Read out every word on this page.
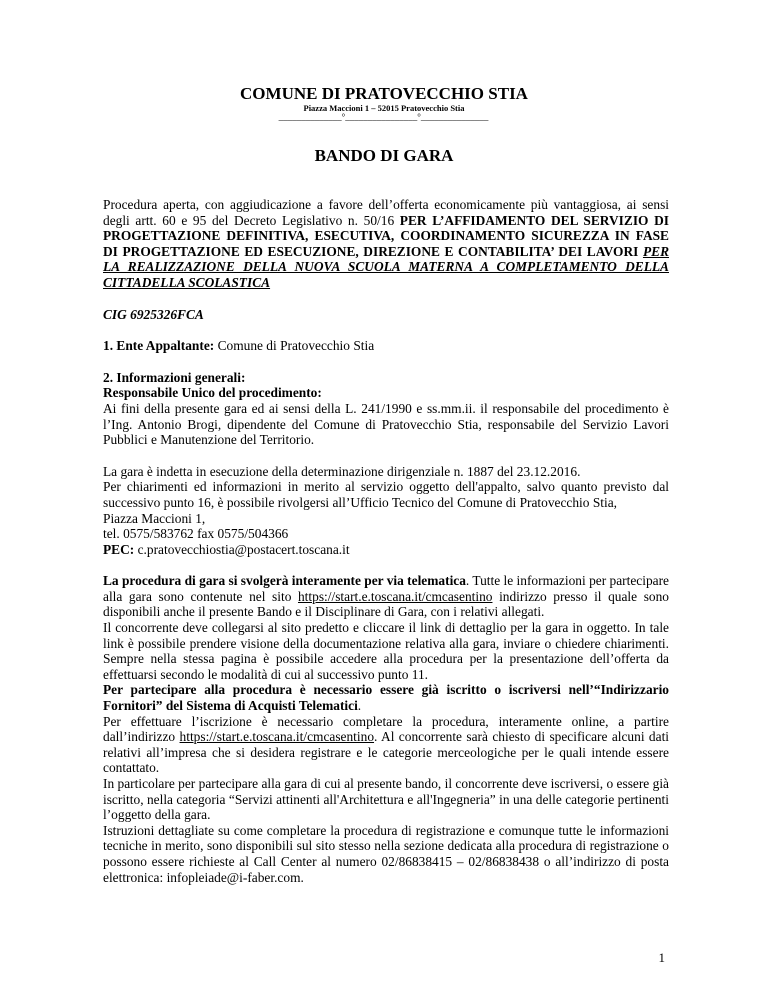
COMUNE DI PRATOVECCHIO STIA
Piazza Maccioni 1 – 52015 Pratovecchio Stia
______________°________________°_______________
BANDO DI GARA

Procedura aperta, con aggiudicazione a favore dell’offerta economicamente più vantaggiosa, ai sensi degli artt. 60 e 95 del Decreto Legislativo n. 50/16 PER L’AFFIDAMENTO DEL SERVIZIO DI PROGETTAZIONE DEFINITIVA, ESECUTIVA, COORDINAMENTO SICUREZZA IN FASE DI PROGETTAZIONE ED ESECUZIONE, DIREZIONE E CONTABILITA’ DEI LAVORI PER LA REALIZZAZIONE DELLA NUOVA SCUOLA MATERNA A COMPLETAMENTO DELLA CITTADELLA SCOLASTICA

CIG 6925326FCA

1. Ente Appaltante: Comune di Pratovecchio Stia

2. Informazioni generali:

Responsabile Unico del procedimento:

Ai fini della presente gara ed ai sensi della L. 241/1990 e ss.mm.ii. il responsabile del procedimento è l’Ing. Antonio Brogi, dipendente del Comune di Pratovecchio Stia, responsabile del Servizio Lavori Pubblici e Manutenzione del Territorio.

La gara è indetta in esecuzione della determinazione dirigenziale n. 1887 del 23.12.2016.

Per chiarimenti ed informazioni in merito al servizio oggetto dell'appalto, salvo quanto previsto dal successivo punto 16, è possibile rivolgersi all’Ufficio Tecnico del Comune di Pratovecchio Stia,

Piazza Maccioni 1,

tel. 0575/583762 fax 0575/504366

PEC: c.pratovecchiostia@postacert.toscana.it

La procedura di gara si svolgerà interamente per via telematica. Tutte le informazioni per partecipare alla gara sono contenute nel sito https://start.e.toscana.it/cmcasentino indirizzo presso il quale sono disponibili anche il presente Bando e il Disciplinare di Gara, con i relativi allegati.

Il concorrente deve collegarsi al sito predetto e cliccare il link di dettaglio per la gara in oggetto. In tale link è possibile prendere visione della documentazione relativa alla gara, inviare o chiedere chiarimenti. Sempre nella stessa pagina è possibile accedere alla procedura per la presentazione dell’offerta da effettuarsi secondo le modalità di cui al successivo punto 11.

Per partecipare alla procedura è necessario essere già iscritto o iscriversi nell’“Indirizzario Fornitori” del Sistema di Acquisti Telematici.

Per effettuare l’iscrizione è necessario completare la procedura, interamente online, a partire dall’indirizzo https://start.e.toscana.it/cmcasentino. Al concorrente sarà chiesto di specificare alcuni dati relativi all’impresa che si desidera registrare e le categorie merceologiche per le quali intende essere contattato.

In particolare per partecipare alla gara di cui al presente bando, il concorrente deve iscriversi, o essere già iscritto, nella categoria “Servizi attinenti all'Architettura e all'Ingegneria” in una delle categorie pertinenti l’oggetto della gara.

Istruzioni dettagliate su come completare la procedura di registrazione e comunque tutte le informazioni tecniche in merito, sono disponibili sul sito stesso nella sezione dedicata alla procedura di registrazione o possono essere richieste al Call Center al numero 02/86838415 – 02/86838438 o all’indirizzo di posta elettronica: infopleiade@i-faber.com.

1
